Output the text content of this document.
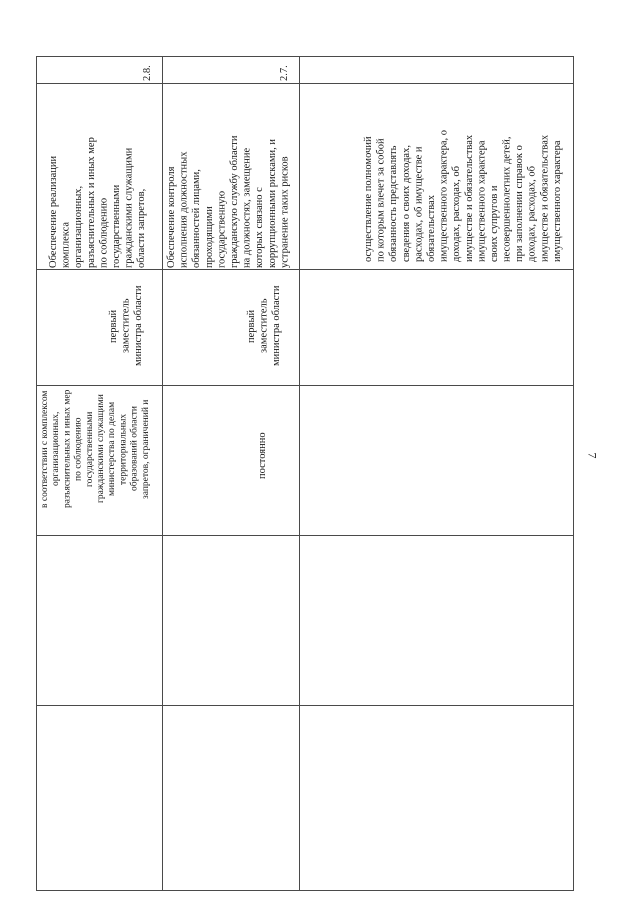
7
осуществление полномочий
по которым влечет за собой
обязанность представлять
сведения о своих доходах,
расходах, об имуществе и
обязательствах
имущественного характера, о
доходах, расходах, об
имуществе и обязательствах
имущественного характера
своих супругов и
несовершеннолетних детей,
при заполнении справок о
доходах, расходах, об
имуществе и обязательствах
имущественного характера
2.7.
Обеспечение контроля
исполнения должностных
обязанностей лицами,
проходящими
государственную
гражданскую службу области
на должностях, замещение
которых связано с
коррупционными рисками, и
устранение таких рисков
первый
заместитель
министра области
постоянно
2.8.
Обеспечение реализации
комплекса
организационных,
разъяснительных и иных мер
по соблюдению
государственными
гражданскими служащими
области запретов,
первый
заместитель
министра области
в соответствии с комплексом
организационных,
разъяснительных и иных мер
по соблюдению
государственными
гражданскими служащими
министерства по делам
территориальных
образований области
запретов, ограничений и
